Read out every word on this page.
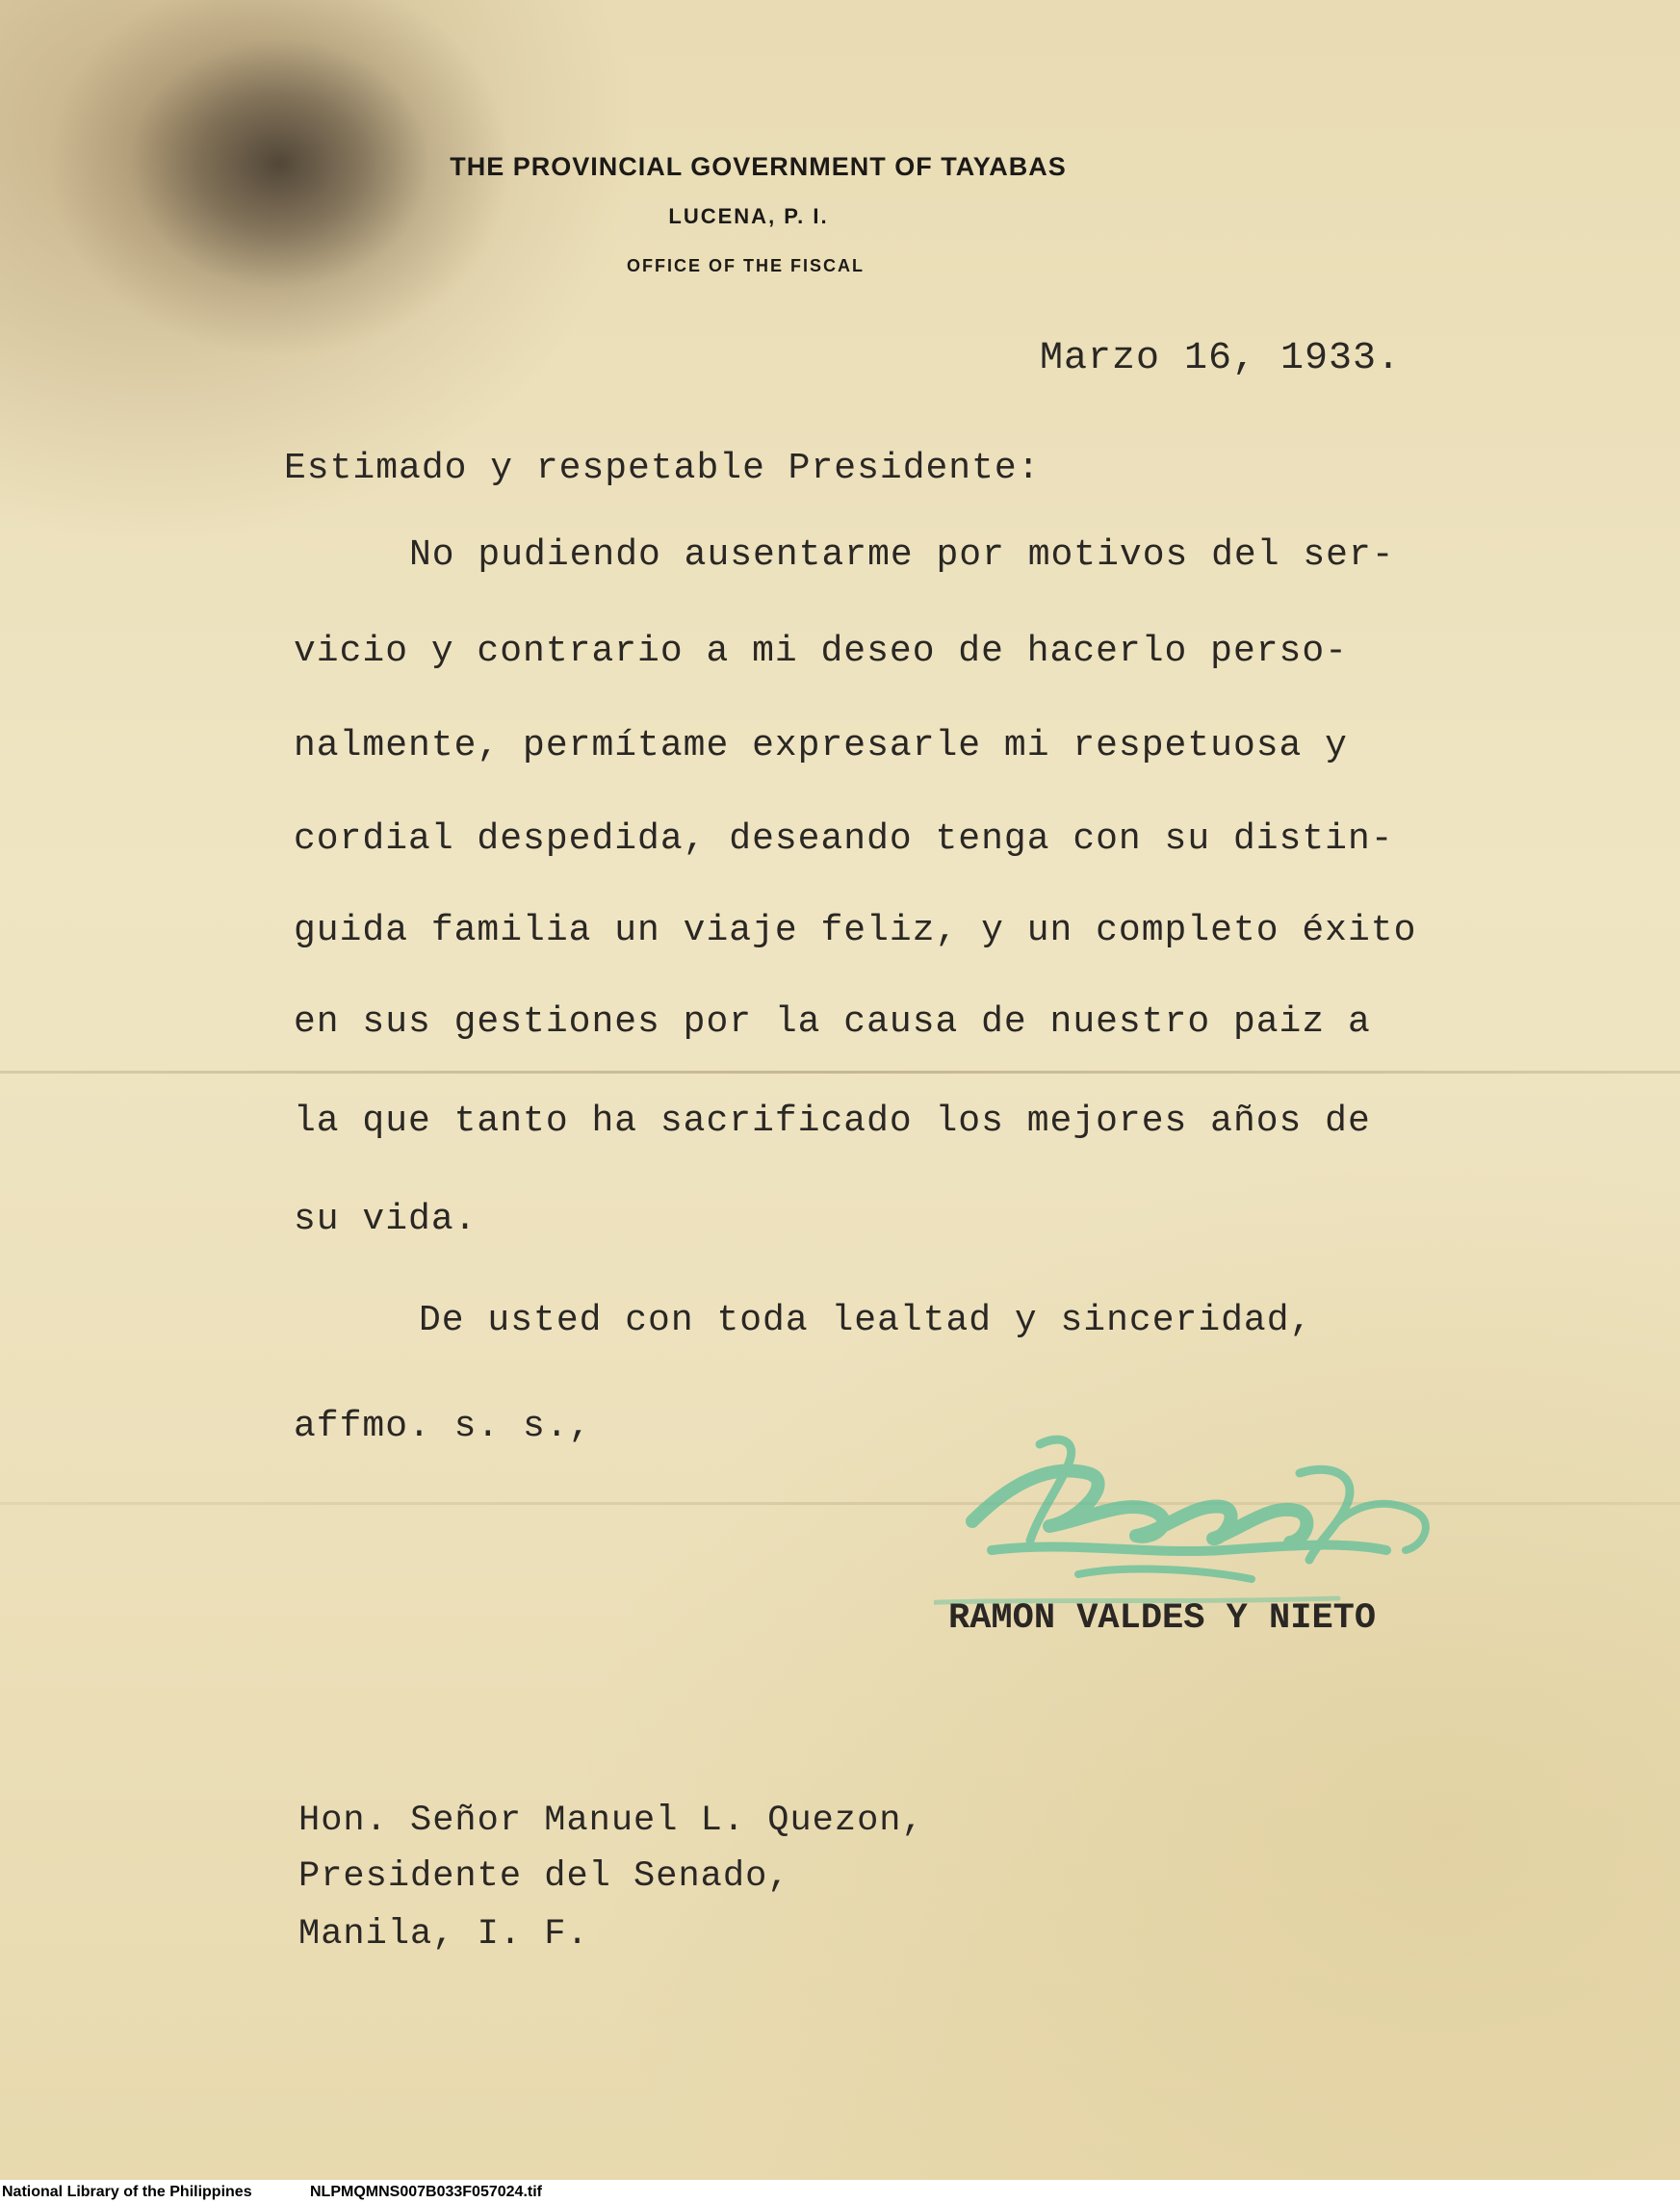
THE PROVINCIAL GOVERNMENT OF TAYABAS
LUCENA, P. I.
OFFICE OF THE FISCAL
Marzo 16, 1933.
Estimado y respetable Presidente:
No pudiendo ausentarme por motivos del ser-
vicio y contrario a mi deseo de hacerlo perso-
nalmente, permítame expresarle mi respetuosa y
cordial despedida, deseando tenga con su distin-
guida familia un viaje feliz, y un completo éxito
en sus gestiones por la causa de nuestro paiz a
la que tanto ha sacrificado los mejores años de
su vida.
De usted con toda lealtad y sinceridad,
affmo. s. s.,
RAMON VALDES Y NIETO
Hon. Señor Manuel L. Quezon,
Presidente del Senado,
Manila, I. F.
National Library of the Philippines	NLPMQMNS007B033F057024.tif
